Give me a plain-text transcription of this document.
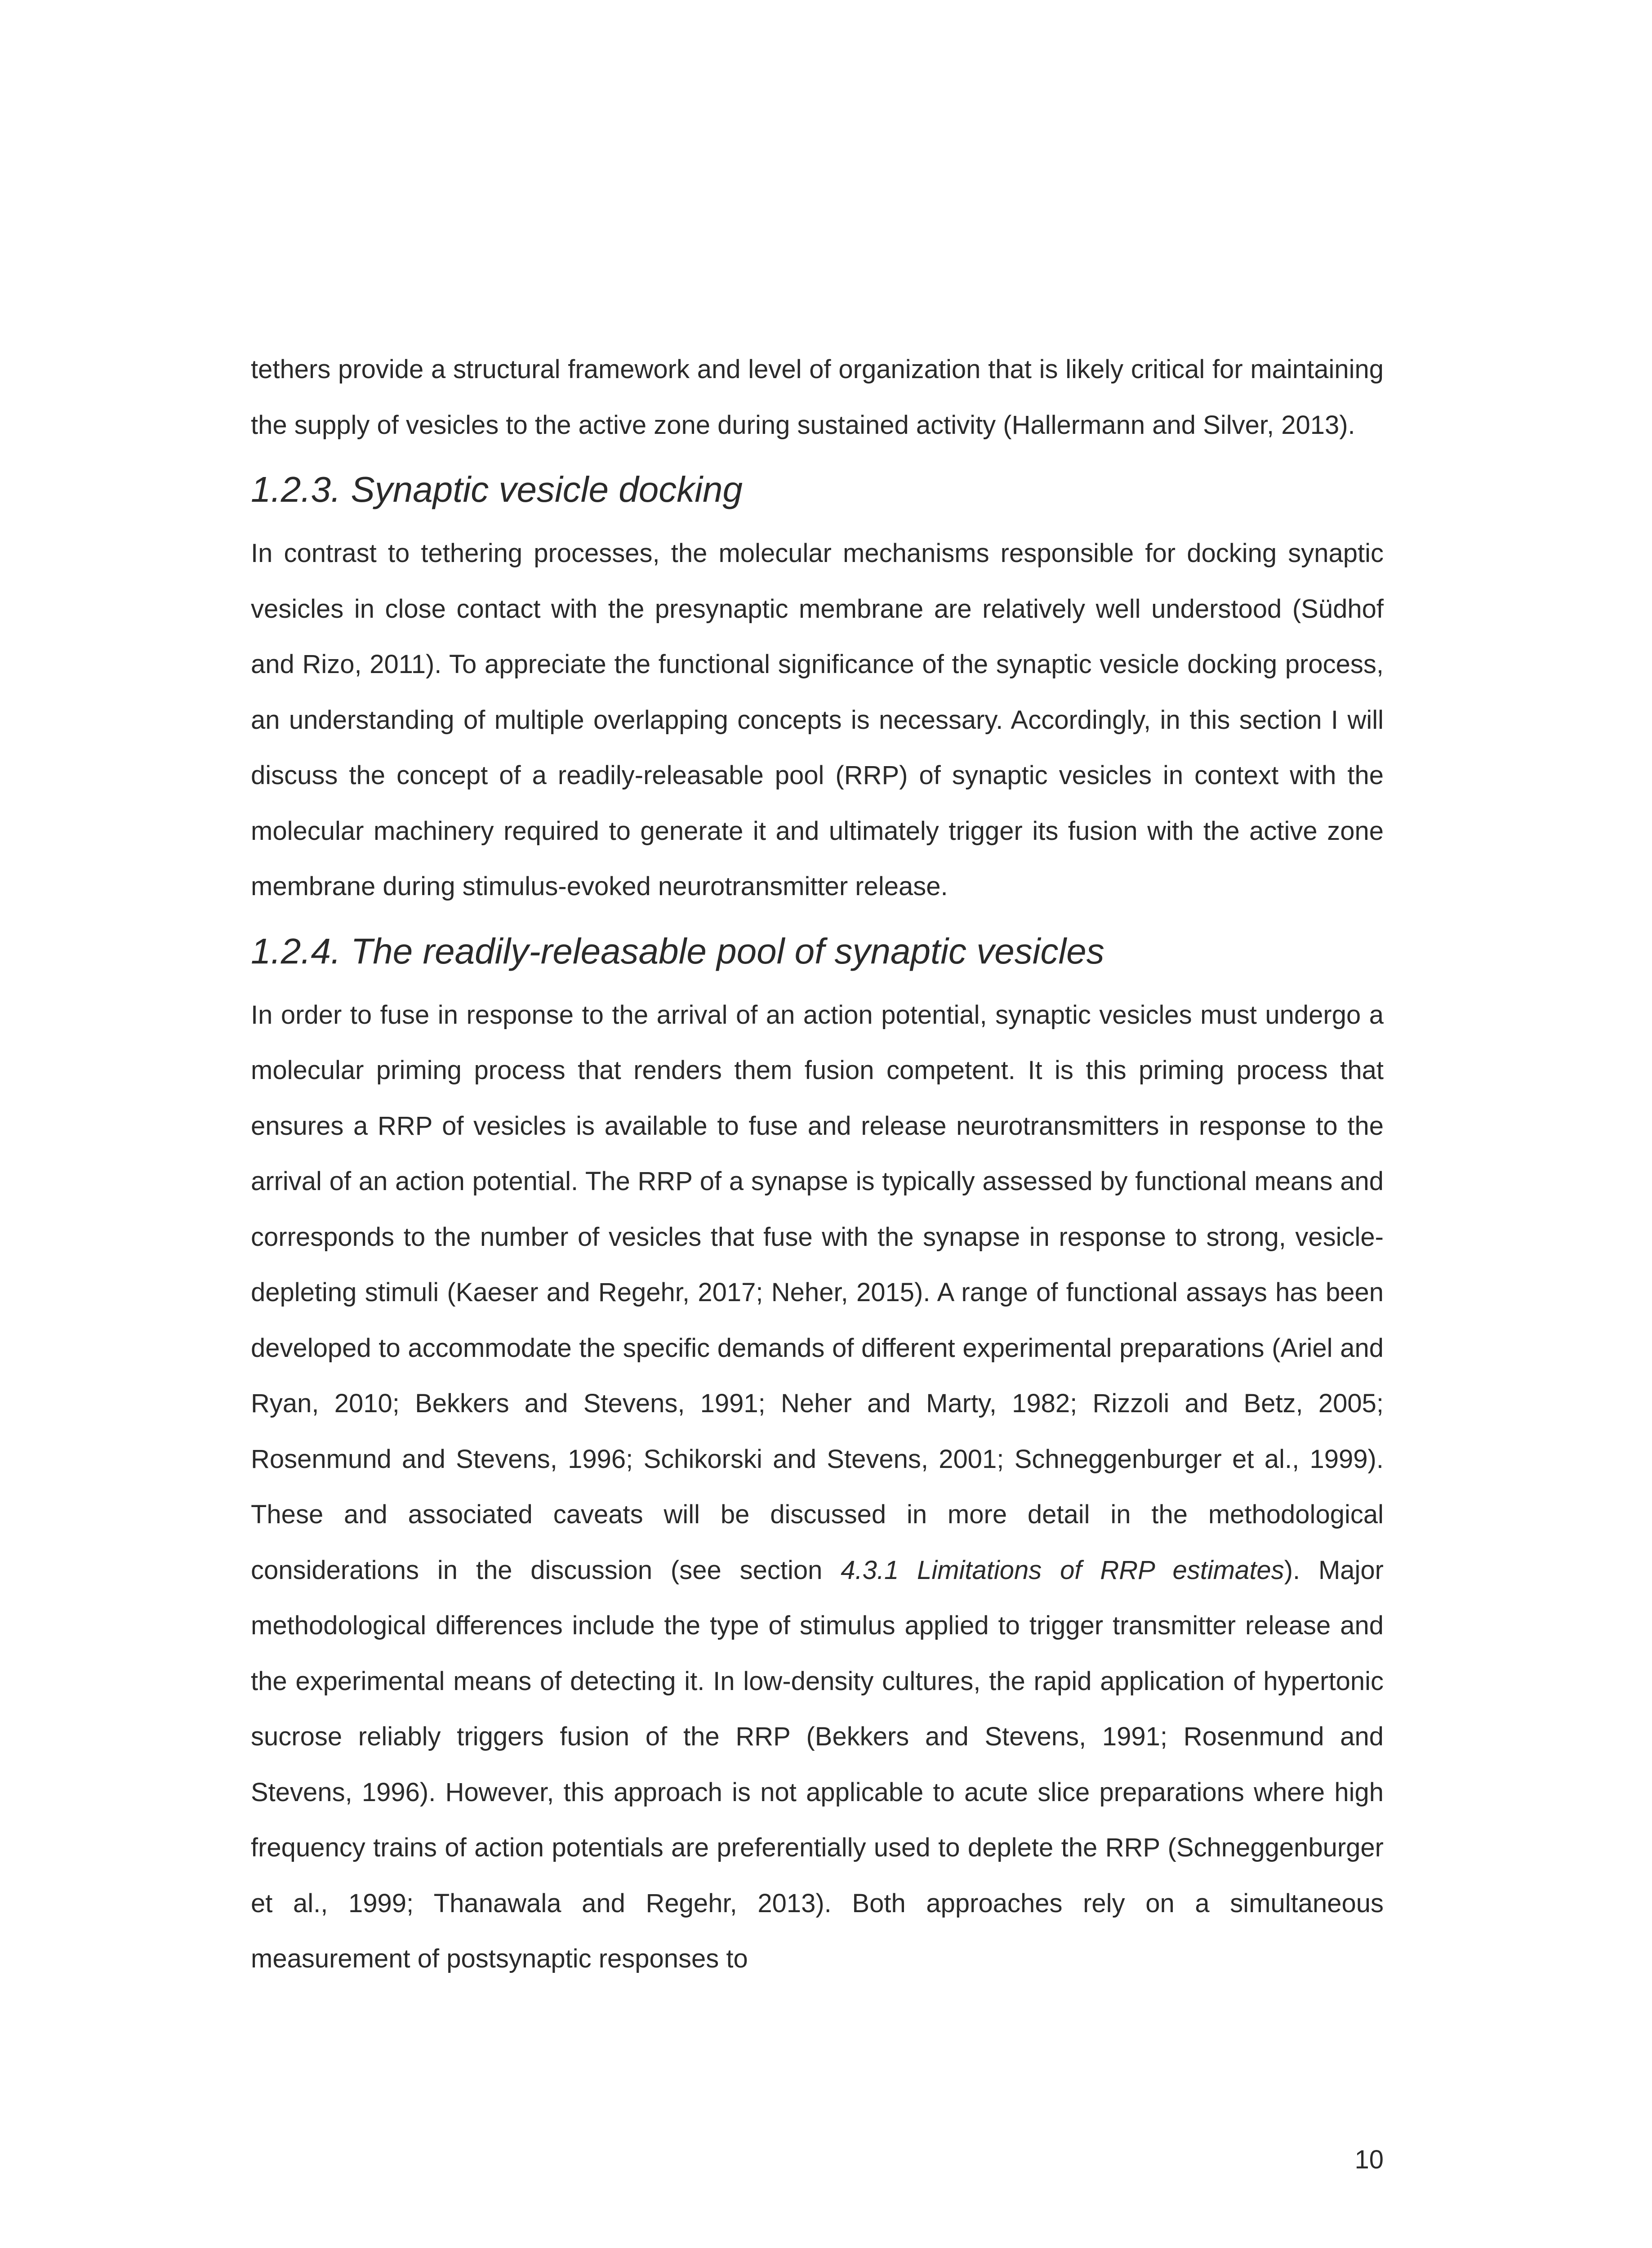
tethers provide a structural framework and level of organization that is likely critical for maintaining the supply of vesicles to the active zone during sustained activity (Hallermann and Silver, 2013).

1.2.3. Synaptic vesicle docking

In contrast to tethering processes, the molecular mechanisms responsible for docking synaptic vesicles in close contact with the presynaptic membrane are relatively well understood (Südhof and Rizo, 2011). To appreciate the functional significance of the synaptic vesicle docking process, an understanding of multiple overlapping concepts is necessary. Accordingly, in this section I will discuss the concept of a readily-releasable pool (RRP) of synaptic vesicles in context with the molecular machinery required to generate it and ultimately trigger its fusion with the active zone membrane during stimulus-evoked neurotransmitter release.

1.2.4. The readily-releasable pool of synaptic vesicles

In order to fuse in response to the arrival of an action potential, synaptic vesicles must undergo a molecular priming process that renders them fusion competent. It is this priming process that ensures a RRP of vesicles is available to fuse and release neurotransmitters in response to the arrival of an action potential. The RRP of a synapse is typically assessed by functional means and corresponds to the number of vesicles that fuse with the synapse in response to strong, vesicle-depleting stimuli (Kaeser and Regehr, 2017; Neher, 2015). A range of functional assays has been developed to accommodate the specific demands of different experimental preparations (Ariel and Ryan, 2010; Bekkers and Stevens, 1991; Neher and Marty, 1982; Rizzoli and Betz, 2005; Rosenmund and Stevens, 1996; Schikorski and Stevens, 2001; Schneggenburger et al., 1999). These and associated caveats will be discussed in more detail in the methodological considerations in the discussion (see section 4.3.1 Limitations of RRP estimates). Major methodological differences include the type of stimulus applied to trigger transmitter release and the experimental means of detecting it. In low-density cultures, the rapid application of hypertonic sucrose reliably triggers fusion of the RRP (Bekkers and Stevens, 1991; Rosenmund and Stevens, 1996). However, this approach is not applicable to acute slice preparations where high frequency trains of action potentials are preferentially used to deplete the RRP (Schneggenburger et al., 1999; Thanawala and Regehr, 2013). Both approaches rely on a simultaneous measurement of postsynaptic responses to

10
